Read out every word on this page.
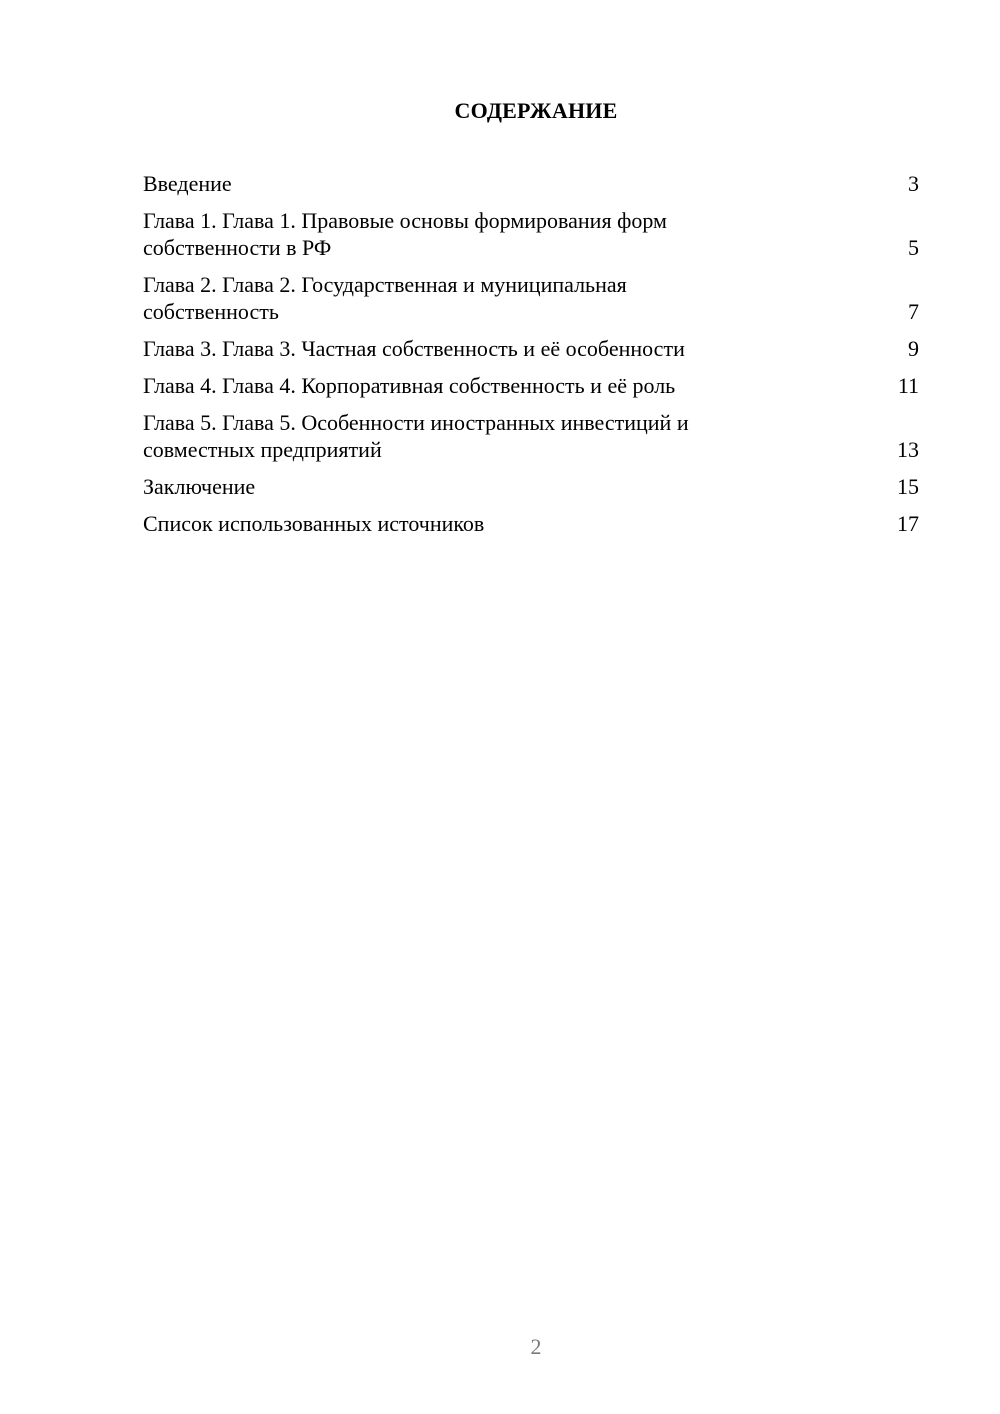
СОДЕРЖАНИЕ
Введение	3
Глава 1. Глава 1. Правовые основы формирования форм собственности в РФ	5
Глава 2. Глава 2. Государственная и муниципальная собственность	7
Глава 3. Глава 3. Частная собственность и её особенности	9
Глава 4. Глава 4. Корпоративная собственность и её роль	11
Глава 5. Глава 5. Особенности иностранных инвестиций и совместных предприятий	13
Заключение	15
Список использованных источников	17
2
